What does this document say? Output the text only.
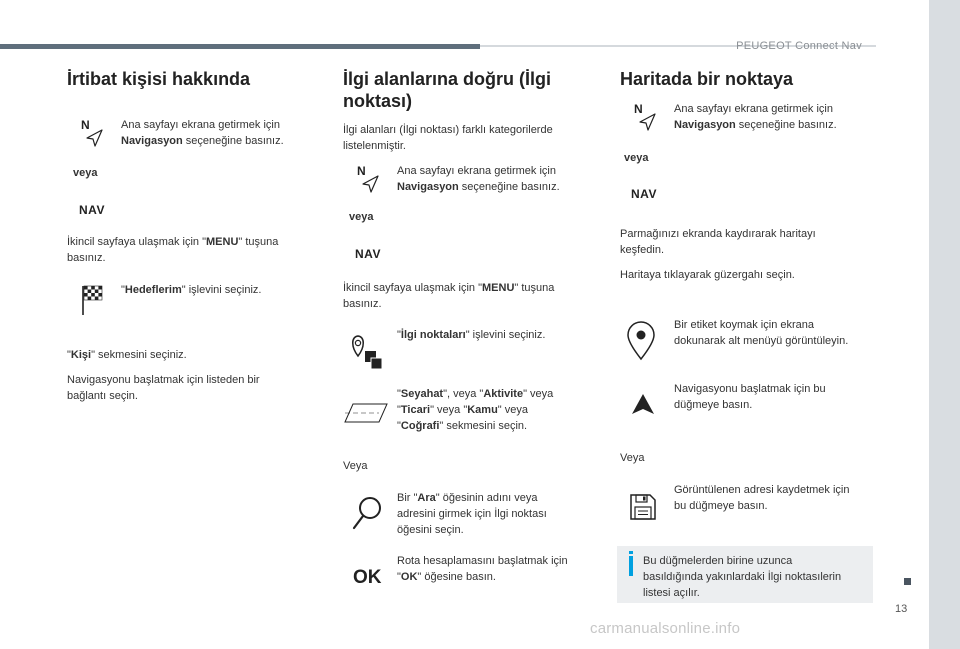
PEUGEOT Connect Nav
13
carmanualsonline.info
İrtibat kişisi hakkında
N	Ana sayfayı ekrana getirmek için
Navigasyon seçeneğine basınız.
veya
NAV
İkincil sayfaya ulaşmak için "MENU" tuşuna
basınız.
"Hedeflerim" işlevini seçiniz.
"Kişi" sekmesini seçiniz.
Navigasyonu başlatmak için listeden bir
bağlantı seçin.
İlgi alanlarına doğru (İlgi
noktası)
İlgi alanları (İlgi noktası) farklı kategorilerde
listelenmiştir.
N	Ana sayfayı ekrana getirmek için
Navigasyon seçeneğine basınız.
veya
NAV
İkincil sayfaya ulaşmak için "MENU" tuşuna
basınız.
"İlgi noktaları" işlevini seçiniz.
"Seyahat", veya "Aktivite" veya
"Ticari" veya "Kamu" veya
"Coğrafi" sekmesini seçin.
Veya
Bir "Ara" öğesinin adını veya
adresini girmek için İlgi noktası
öğesini seçin.
OK
Rota hesaplamasını başlatmak için
"OK" öğesine basın.
Haritada bir noktaya
N	Ana sayfayı ekrana getirmek için
Navigasyon seçeneğine basınız.
veya
NAV
Parmağınızı ekranda kaydırarak haritayı
keşfedin.
Haritaya tıklayarak güzergahı seçin.
Bir etiket koymak için ekrana
dokunarak alt menüyü görüntüleyin.
Navigasyonu başlatmak için bu
düğmeye basın.
Veya
Görüntülenen adresi kaydetmek için
bu düğmeye basın.
Bu düğmelerden birine uzunca
basıldığında yakınlardaki İlgi noktasılerin
listesi açılır.
